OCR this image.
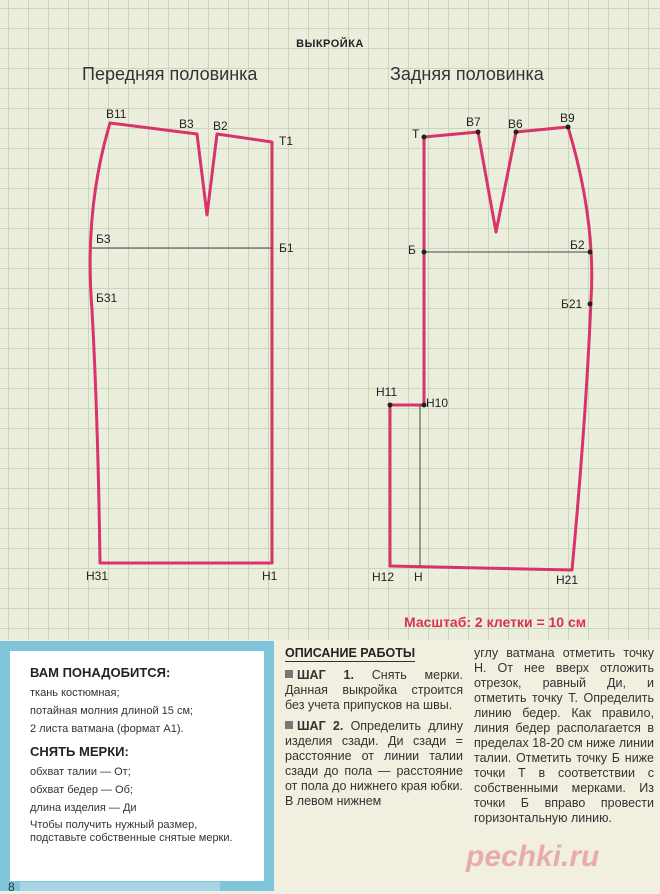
ВЫКРОЙКА
Передняя половинка	Задняя половинка
В11
В3 В2
Т1
Б3
Б1
Б31
Н31	Н1
Т
В7 В6	В9
Б	Б2
Б21
Н11
Н10
Н12 Н	Н21
Масштаб: 2 клетки = 10 см
ВАМ ПОНАДОБИТСЯ:
ткань костюмная;
потайная молния длиной 15 см;
2 листа ватмана (формат А1).
СНЯТЬ МЕРКИ:
обхват талии — От;
обхват бедер — Об;
длина изделия — Ди
Чтобы получить нужный размер, подставьте собственные снятые мерки.
ОПИСАНИЕ РАБОТЫ

ШАГ 1. Снять мерки. Данная выкройка строится без учета припусков на швы.

ШАГ 2. Определить длину изделия сзади. Ди сзади = расстояние от линии талии сзади до пола — расстояние от пола до нижнего края юбки. В левом нижнем

углу ватмана отметить точку Н. От нее вверх отложить отрезок, равный Ди, и отметить точку Т. Определить линию бедер. Как правило, линия бедер располагается в пределах 18-20 см ниже линии талии. Отметить точку Б ниже точки Т в соответствии с собственными мерками. Из точки Б вправо провести горизонтальную линию.

pechki.ru
8
